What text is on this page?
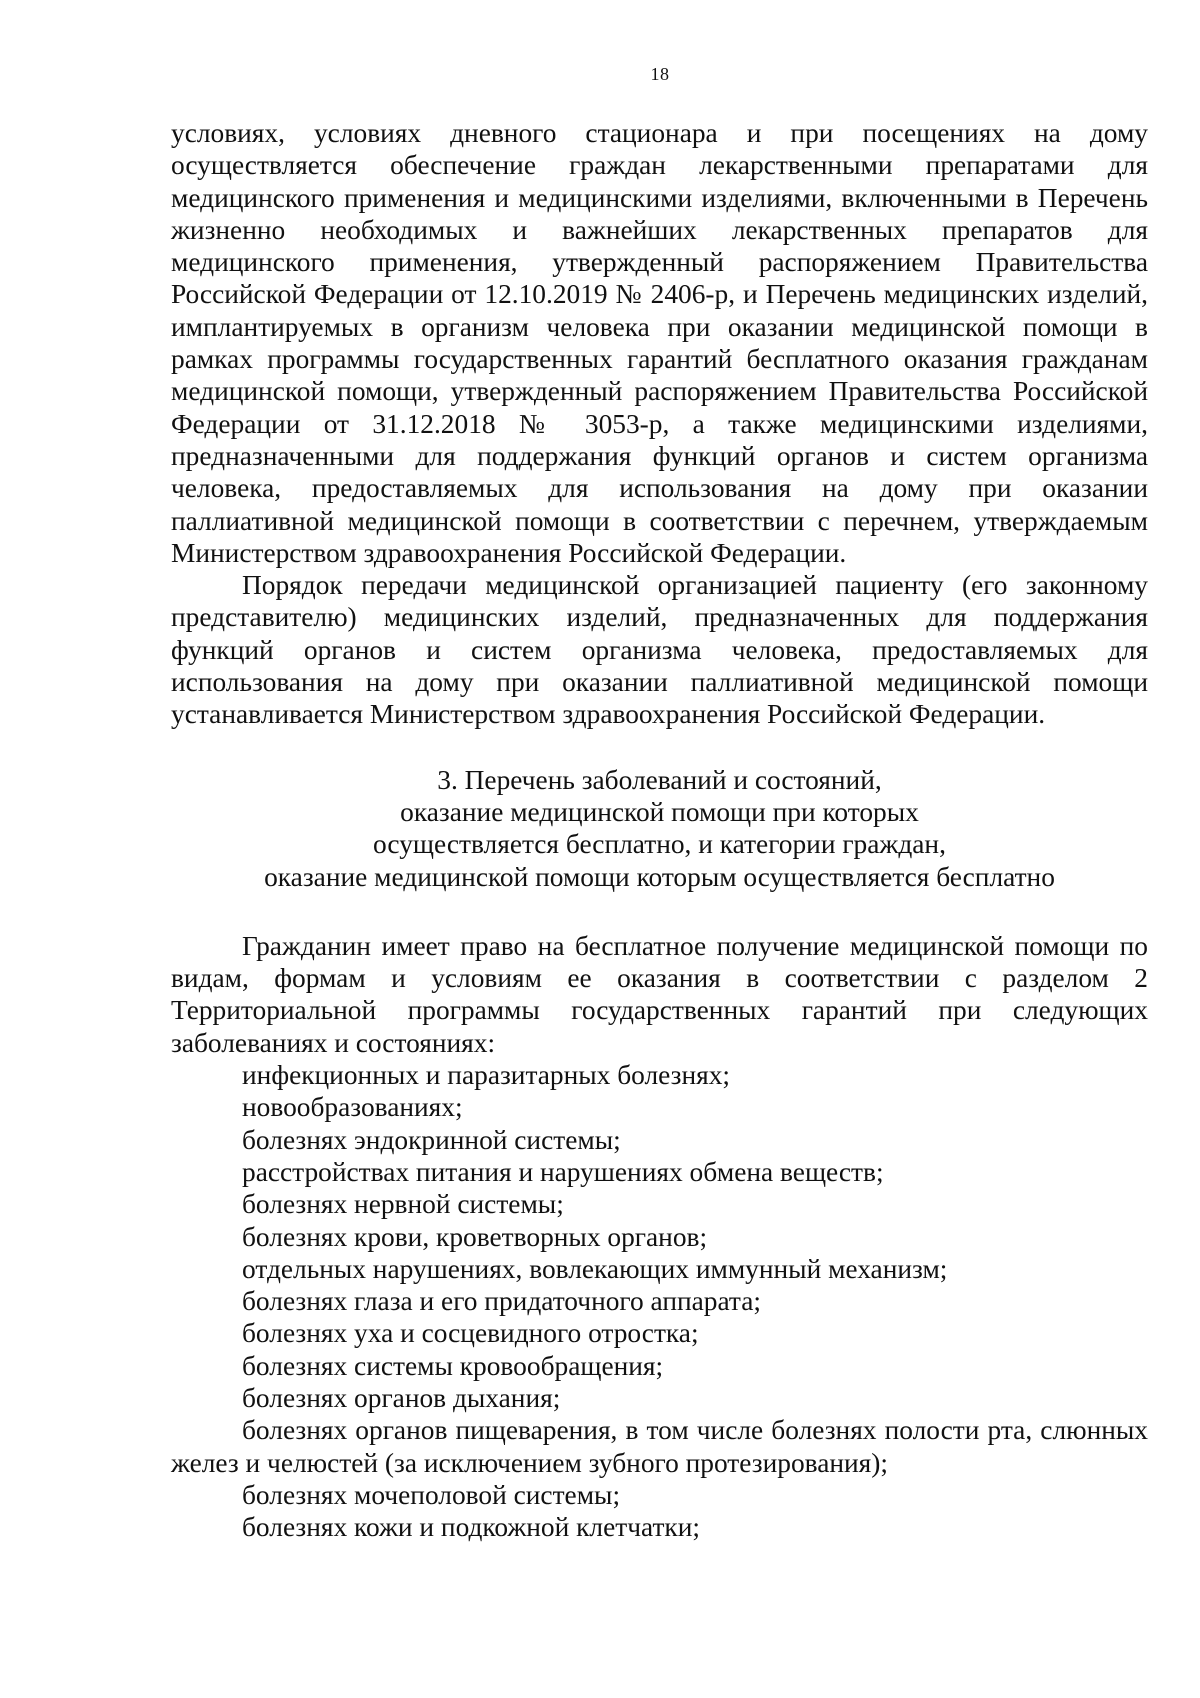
18

условиях, условиях дневного стационара и при посещениях на дому осуществляется обеспечение граждан лекарственными препаратами для медицинского применения и медицинскими изделиями, включенными в Перечень жизненно необходимых и важнейших лекарственных препаратов для медицинского применения, утвержденный распоряжением Правительства Российской Федерации от 12.10.2019 № 2406-р, и Перечень медицинских изделий, имплантируемых в организм человека при оказании медицинской помощи в рамках программы государственных гарантий бесплатного оказания гражданам медицинской помощи, утвержденный распоряжением Правительства Российской Федерации от 31.12.2018 № 3053-р, а также медицинскими изделиями, предназначенными для поддержания функций органов и систем организма человека, предоставляемых для использования на дому при оказании паллиативной медицинской помощи в соответствии с перечнем, утверждаемым Министерством здравоохранения Российской Федерации.

Порядок передачи медицинской организацией пациенту (его законному представителю) медицинских изделий, предназначенных для поддержания функций органов и систем организма человека, предоставляемых для использования на дому при оказании паллиативной медицинской помощи устанавливается Министерством здравоохранения Российской Федерации.

3. Перечень заболеваний и состояний,
оказание медицинской помощи при которых
осуществляется бесплатно, и категории граждан,
оказание медицинской помощи которым осуществляется бесплатно

Гражданин имеет право на бесплатное получение медицинской помощи по видам, формам и условиям ее оказания в соответствии с разделом 2 Территориальной программы государственных гарантий при следующих заболеваниях и состояниях:

инфекционных и паразитарных болезнях;

новообразованиях;

болезнях эндокринной системы;

расстройствах питания и нарушениях обмена веществ;

болезнях нервной системы;

болезнях крови, кроветворных органов;

отдельных нарушениях, вовлекающих иммунный механизм;

болезнях глаза и его придаточного аппарата;

болезнях уха и сосцевидного отростка;

болезнях системы кровообращения;

болезнях органов дыхания;

болезнях органов пищеварения, в том числе болезнях полости рта, слюнных желез и челюстей (за исключением зубного протезирования);

болезнях мочеполовой системы;

болезнях кожи и подкожной клетчатки;
